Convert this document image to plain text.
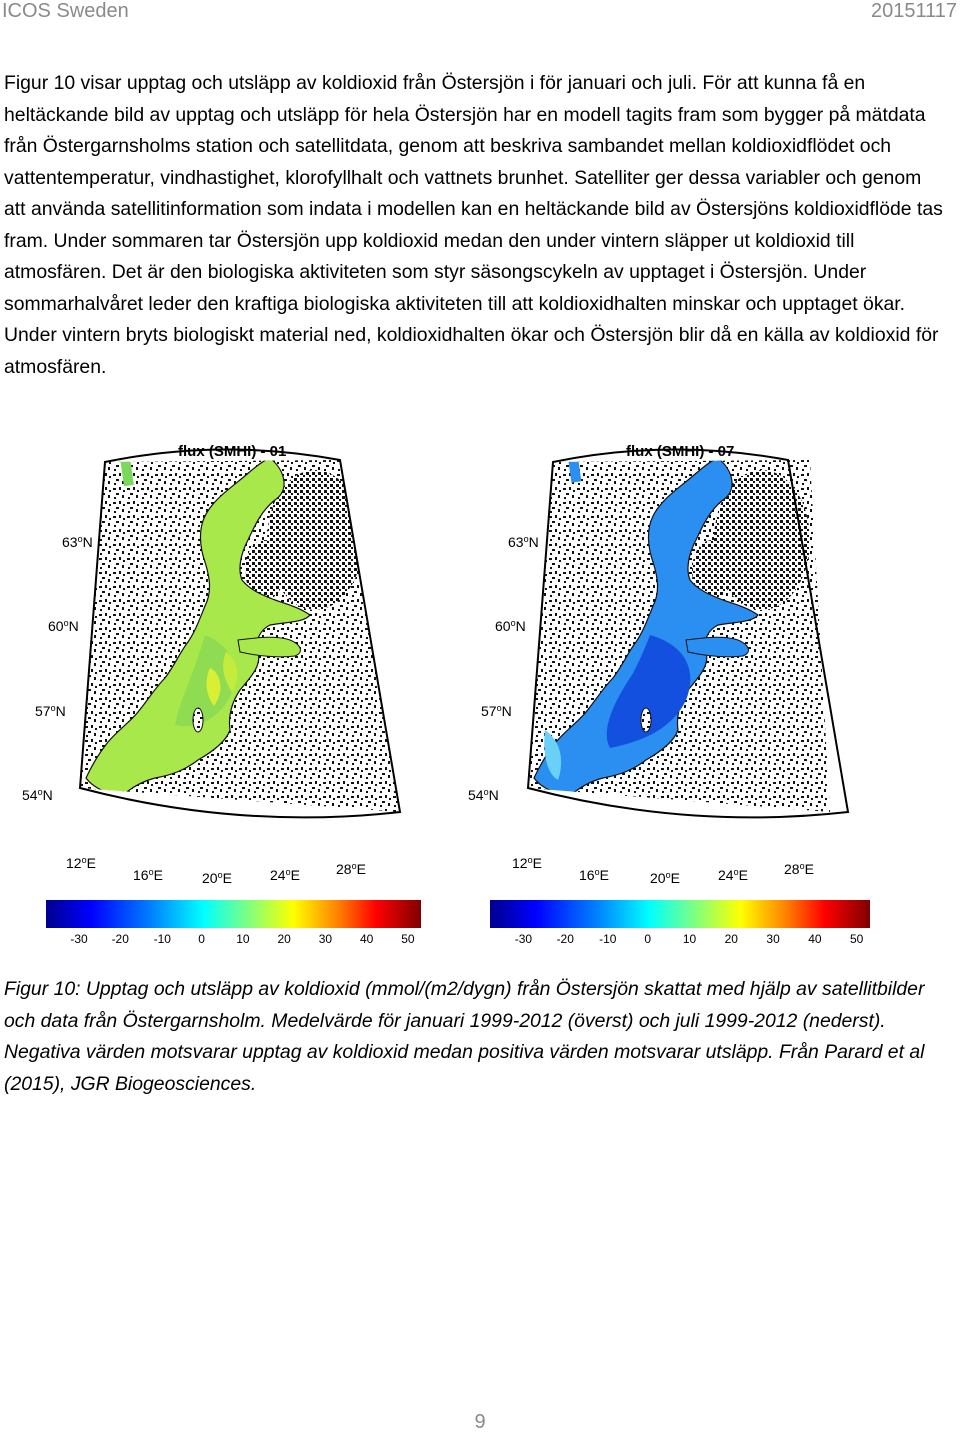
ICOS Sweden	20151117
Figur 10 visar upptag och utsläpp av koldioxid från Östersjön i för januari och juli. För att kunna få en heltäckande bild av upptag och utsläpp för hela Östersjön har en modell tagits fram som bygger på mätdata från Östergarnsholms station och satellitdata, genom att beskriva sambandet mellan koldioxidflödet och vattentemperatur, vindhastighet, klorofyllhalt och vattnets brunhet. Satelliter ger dessa variabler och genom att använda satellitinformation som indata i modellen kan en heltäckande bild av Östersjöns koldioxidflöde tas fram. Under sommaren tar Östersjön upp koldioxid medan den under vintern släpper ut koldioxid till atmosfären. Det är den biologiska aktiviteten som styr säsongscykeln av upptaget i Östersjön. Under sommarhalvåret leder den kraftiga biologiska aktiviteten till att koldioxidhalten minskar och upptaget ökar. Under vintern bryts biologiskt material ned, koldioxidhalten ökar och Östersjön blir då en källa av koldioxid för atmosfären.
flux (SMHI) - 01
63$^o$N
60$^o$N
57$^o$N
54$^o$N
12$^o$E
16$^o$E	20$^o$E	24$^o$E	28$^o$E
flux (SMHI) - 07
63$^o$N
60$^o$N
57$^o$N
54$^o$N
12$^o$E
16$^o$E	20$^o$E	24$^o$E	28$^o$E
-30 -20 -10 0	10 20 30 40 50	-30 -20 -10 0	10 20 30 40 50
Figur 10: Upptag och utsläpp av koldioxid (mmol/(m2/dygn) från Östersjön skattat med hjälp av satellitbilder och data från Östergarnsholm. Medelvärde för januari 1999-2012 (överst) och juli 1999-2012 (nederst). Negativa värden motsvarar upptag av koldioxid medan positiva värden motsvarar utsläpp. Från Parard et al (2015), JGR Biogeosciences.
9
